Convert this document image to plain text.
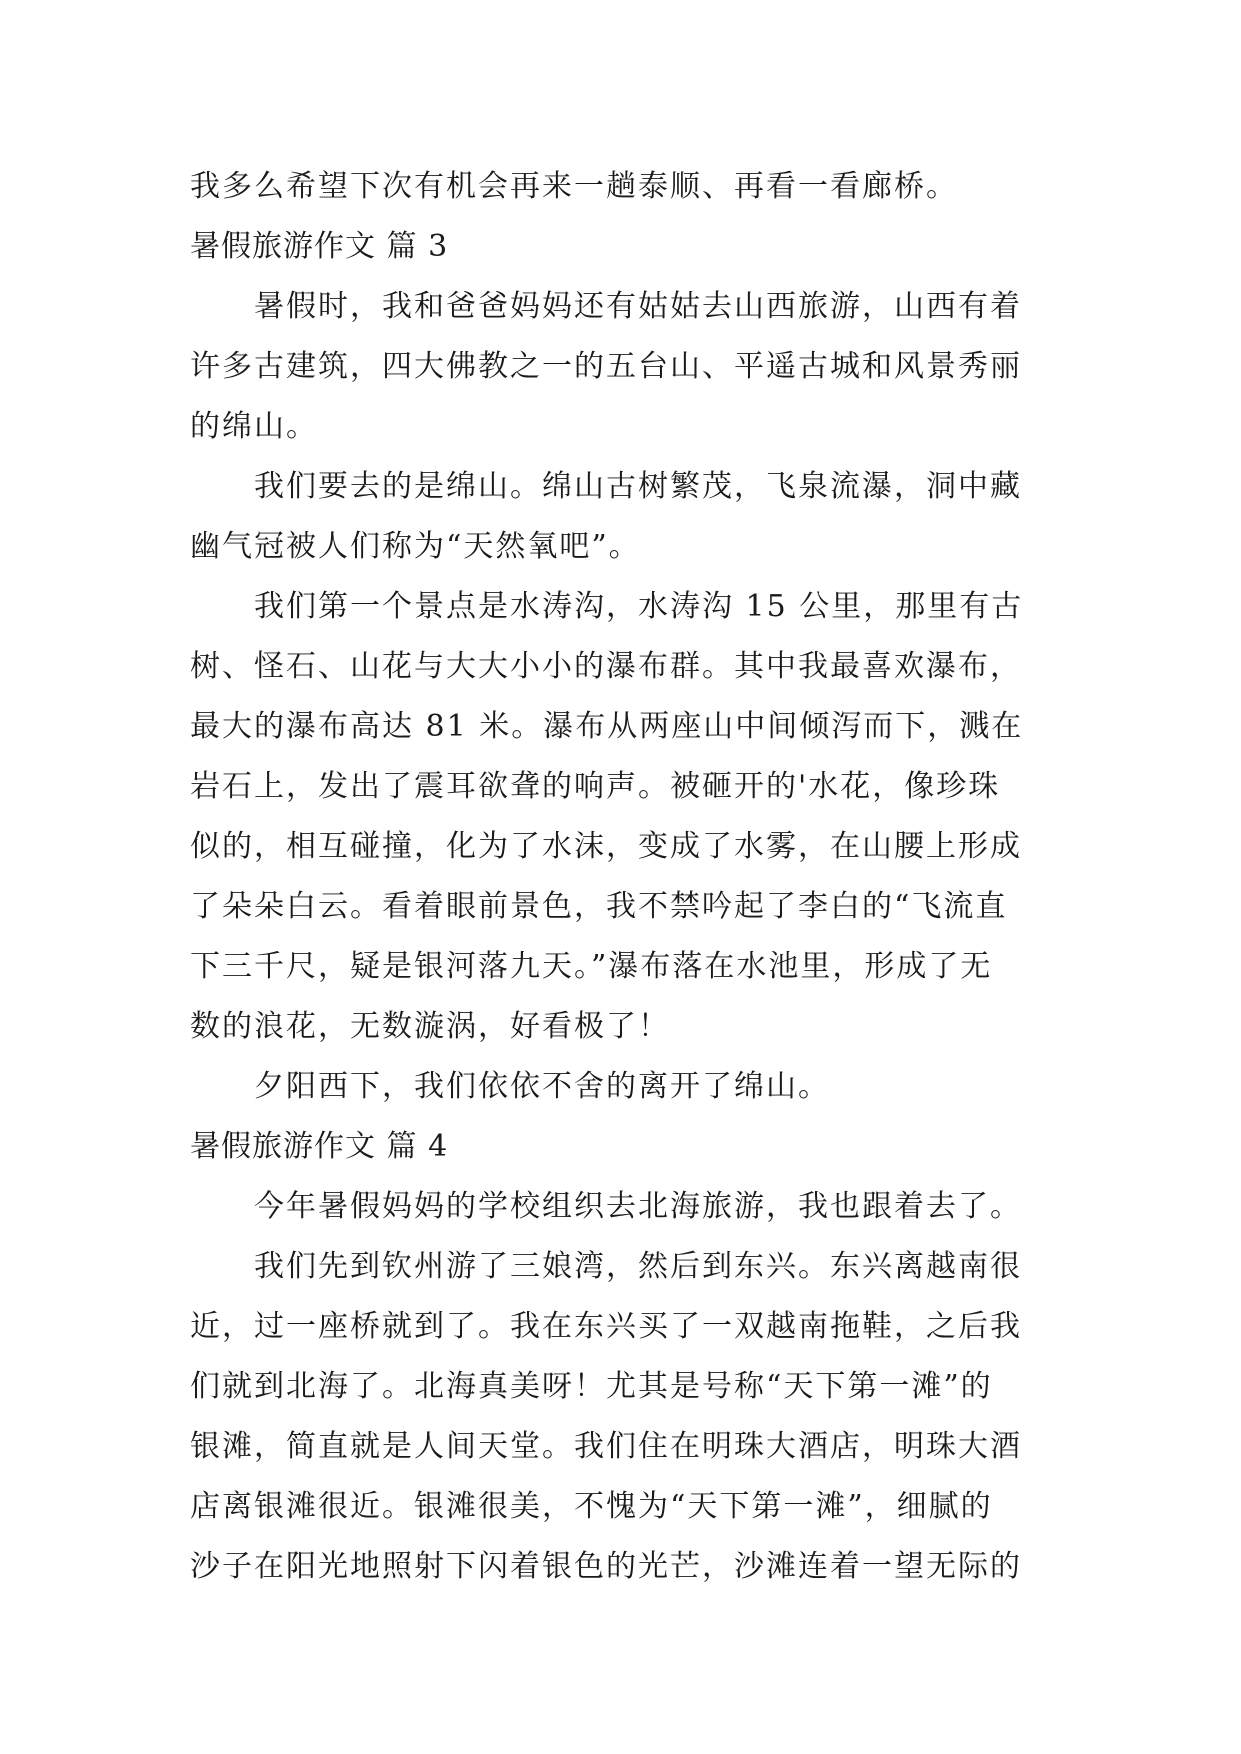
我多么希望下次有机会再来一趟泰顺、再看一看廊桥。
暑假旅游作文 篇 3
暑假时，我和爸爸妈妈还有姑姑去山西旅游，山西有着
许多古建筑，四大佛教之一的五台山、平遥古城和风景秀丽
的绵山。
我们要去的是绵山。绵山古树繁茂，飞泉流瀑，洞中藏
幽气冠被人们称为“天然氧吧”。
我们第一个景点是水涛沟，水涛沟 15 公里，那里有古
树、怪石、山花与大大小小的瀑布群。其中我最喜欢瀑布，
最大的瀑布高达 81 米。瀑布从两座山中间倾泻而下，溅在
岩石上，发出了震耳欲聋的响声。被砸开的'水花，像珍珠
似的，相互碰撞，化为了水沫，变成了水雾，在山腰上形成
了朵朵白云。看着眼前景色，我不禁吟起了李白的“飞流直
下三千尺，疑是银河落九天。”瀑布落在水池里，形成了无
数的浪花，无数漩涡，好看极了！
夕阳西下，我们依依不舍的离开了绵山。
暑假旅游作文 篇 4
今年暑假妈妈的学校组织去北海旅游，我也跟着去了。
我们先到钦州游了三娘湾，然后到东兴。东兴离越南很
近，过一座桥就到了。我在东兴买了一双越南拖鞋，之后我
们就到北海了。北海真美呀！尤其是号称“天下第一滩”的
银滩，简直就是人间天堂。我们住在明珠大酒店，明珠大酒
店离银滩很近。银滩很美，不愧为“天下第一滩”，细腻的
沙子在阳光地照射下闪着银色的光芒，沙滩连着一望无际的
